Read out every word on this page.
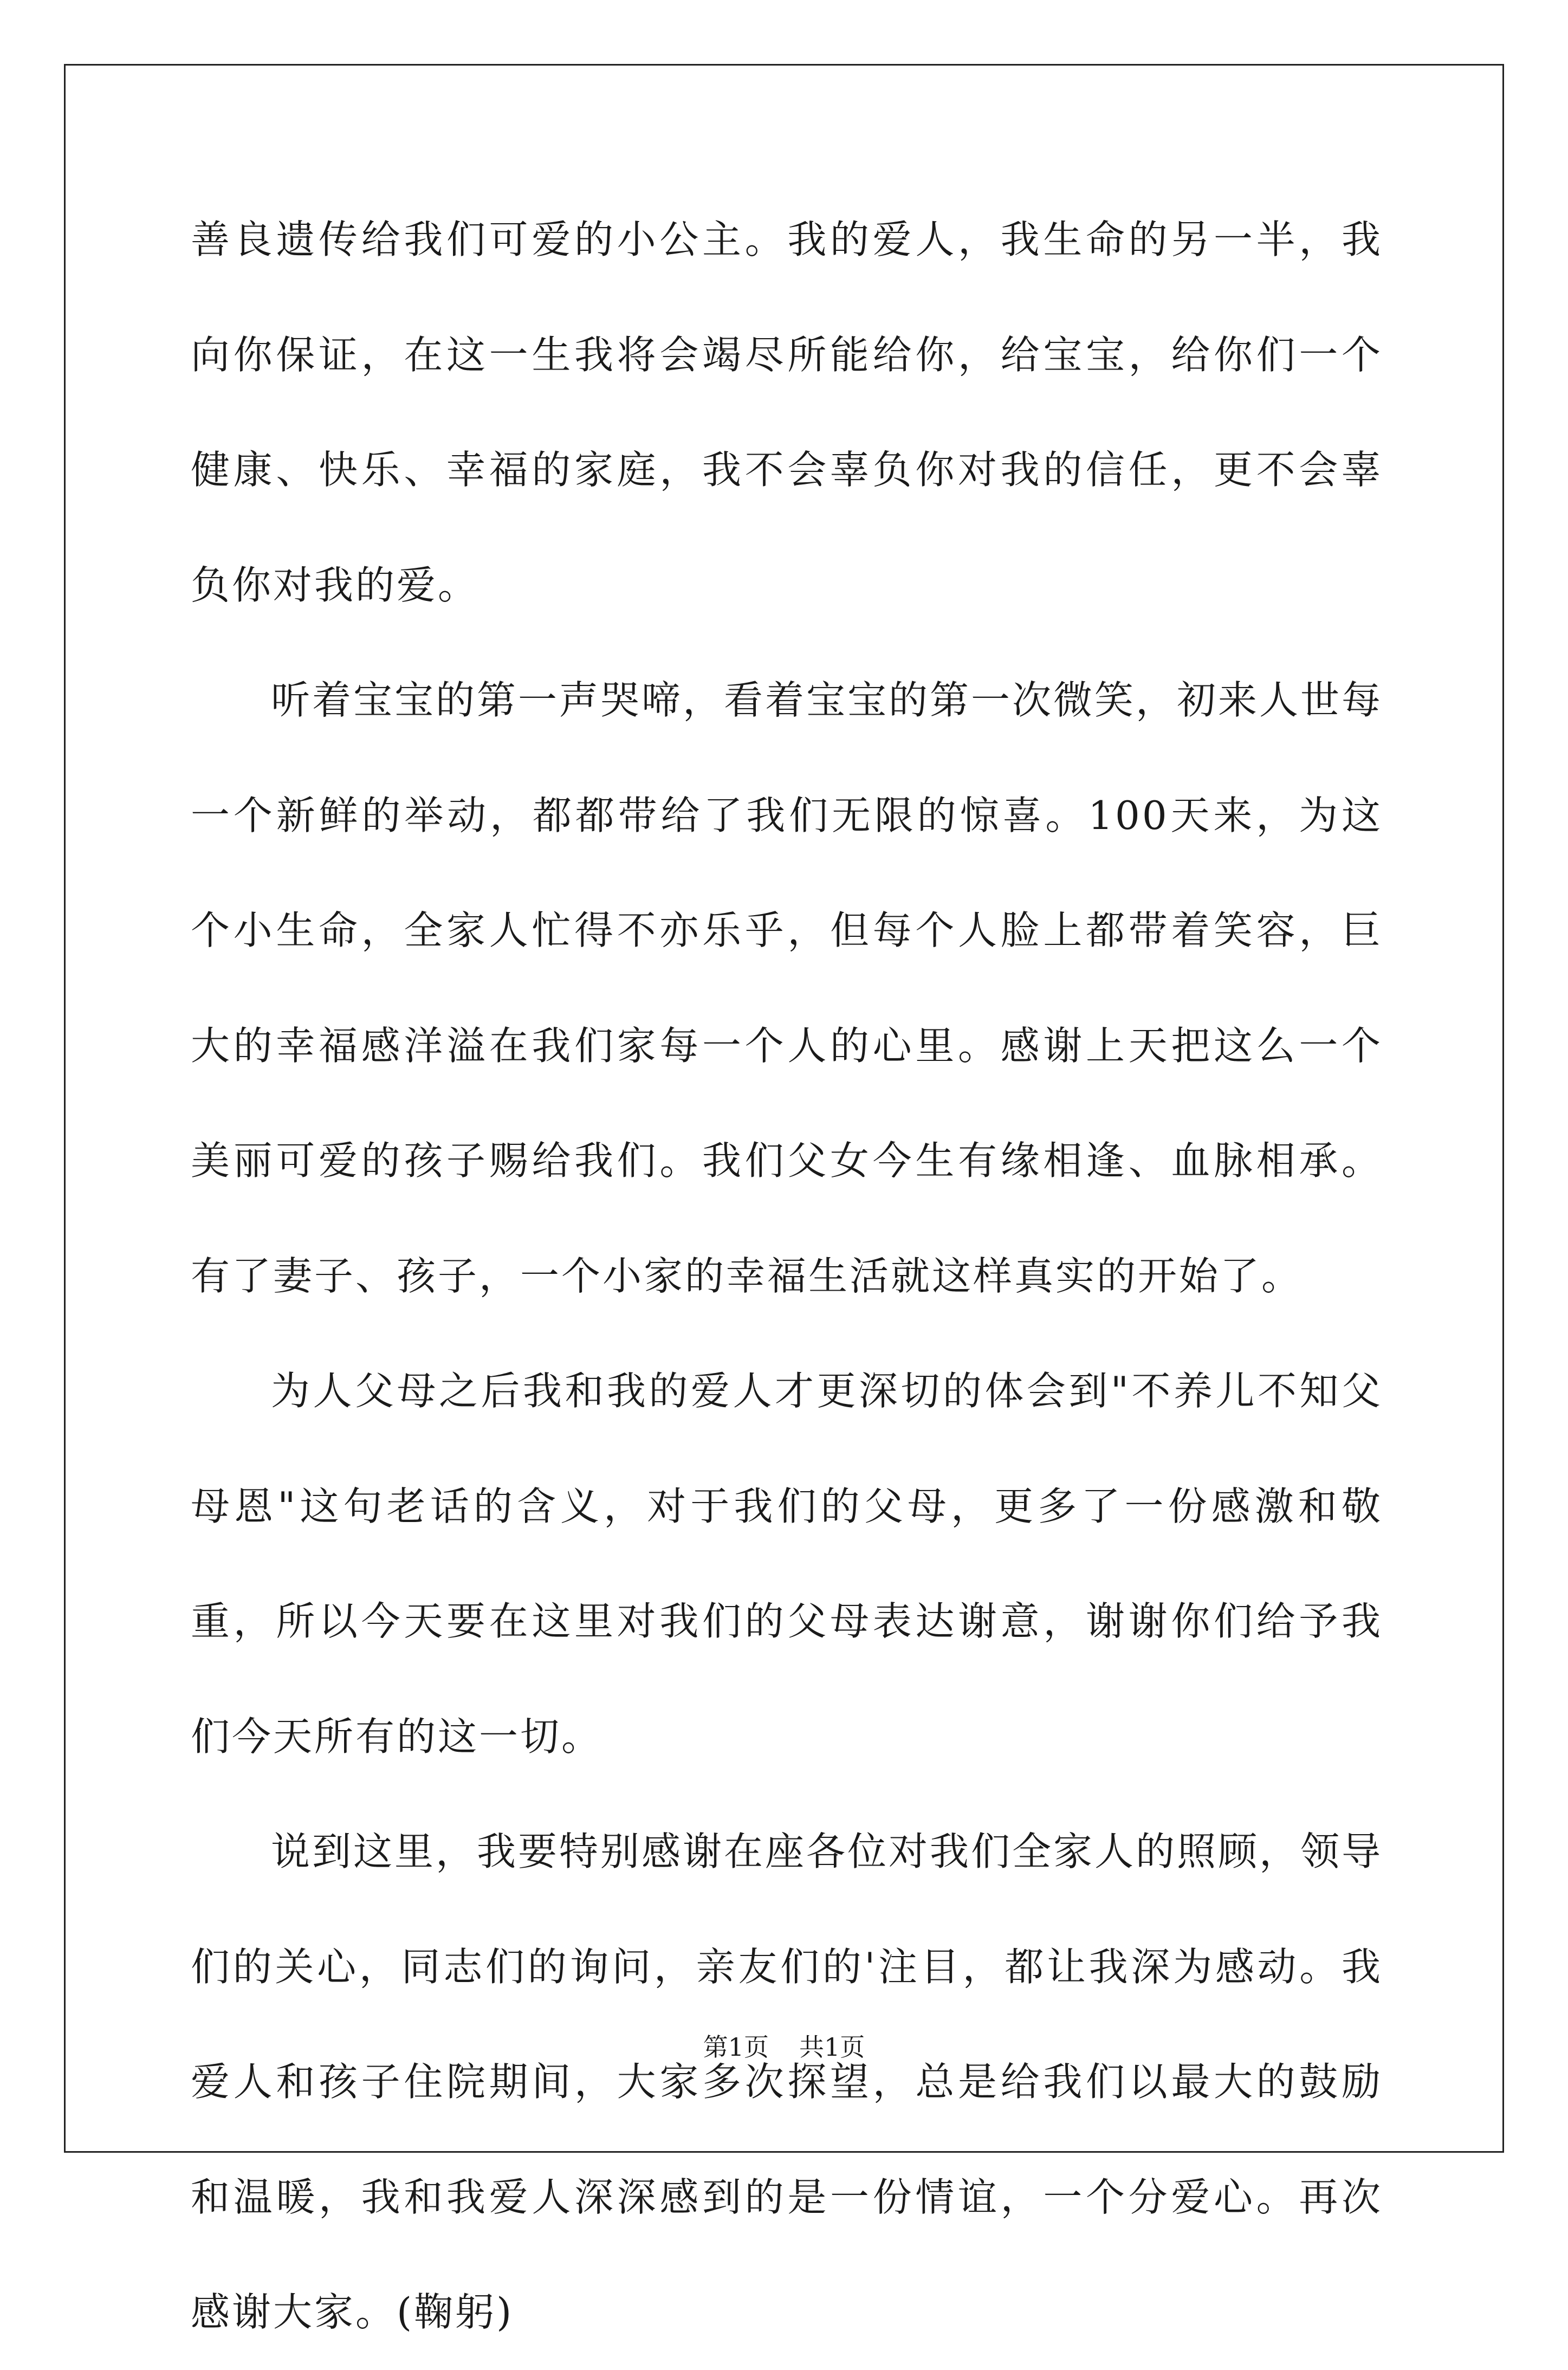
善良遗传给我们可爱的小公主。我的爱人，我生命的另一半，我向你保证，在这一生我将会竭尽所能给你，给宝宝，给你们一个健康、快乐、幸福的家庭，我不会辜负你对我的信任，更不会辜负你对我的爱。

听着宝宝的第一声哭啼，看着宝宝的第一次微笑，初来人世每一个新鲜的举动，都都带给了我们无限的惊喜。100天来，为这个小生命，全家人忙得不亦乐乎，但每个人脸上都带着笑容，巨大的幸福感洋溢在我们家每一个人的心里。感谢上天把这么一个美丽可爱的孩子赐给我们。我们父女今生有缘相逢、血脉相承。有了妻子、孩子，一个小家的幸福生活就这样真实的开始了。

为人父母之后我和我的爱人才更深切的体会到"不养儿不知父母恩"这句老话的含义，对于我们的父母，更多了一份感激和敬重，所以今天要在这里对我们的父母表达谢意，谢谢你们给予我们今天所有的这一切。

说到这里，我要特别感谢在座各位对我们全家人的照顾，领导们的关心，同志们的询问，亲友们的'注目，都让我深为感动。我爱人和孩子住院期间，大家多次探望，总是给我们以最大的鼓励和温暖，我和我爱人深深感到的是一份情谊，一个分爱心。再次感谢大家。(鞠躬)

第1页 共1页
